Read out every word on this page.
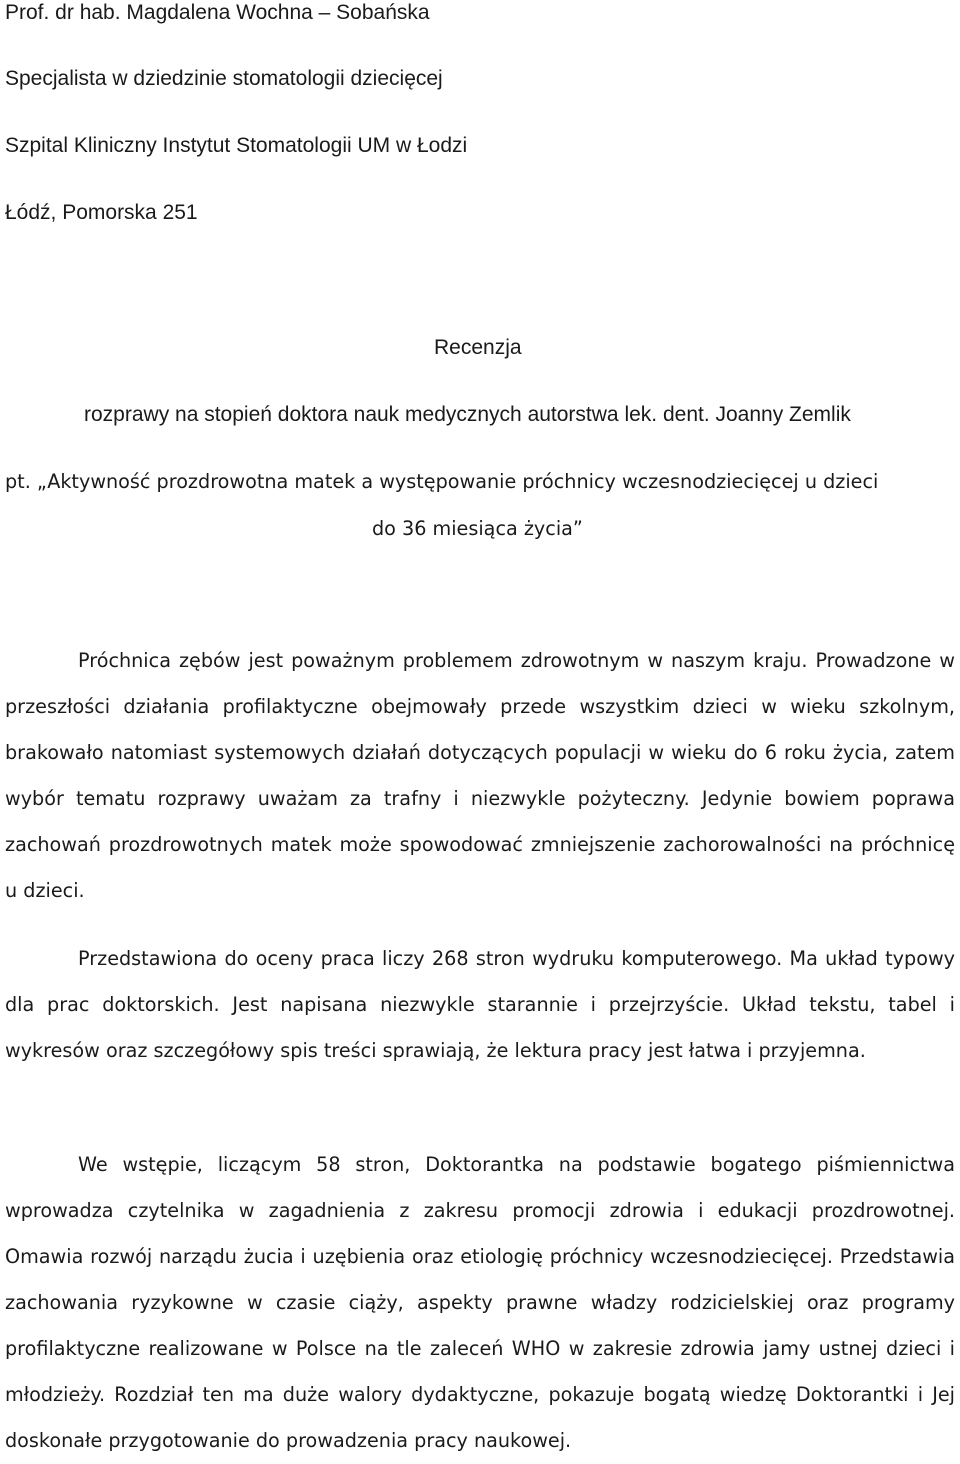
Prof. dr hab. Magdalena Wochna – Sobańska
Specjalista w dziedzinie stomatologii dziecięcej
Szpital Kliniczny Instytut Stomatologii UM w Łodzi
Łódź, Pomorska 251
Recenzja
rozprawy na stopień doktora nauk medycznych autorstwa lek. dent. Joanny Zemlik
pt. „Aktywność prozdrowotna matek a występowanie próchnicy wczesnodziecięcej u dzieci
do 36 miesiąca życia”

Próchnica zębów jest poważnym problemem zdrowotnym w naszym kraju. Prowadzone w przeszłości działania profilaktyczne obejmowały przede wszystkim dzieci w wieku szkolnym, brakowało natomiast systemowych działań dotyczących populacji w wieku do 6 roku życia, zatem wybór tematu rozprawy uważam za trafny i niezwykle pożyteczny. Jedynie bowiem poprawa zachowań prozdrowotnych matek może spowodować zmniejszenie zachorowalności na próchnicę u dzieci.

Przedstawiona do oceny praca liczy 268 stron wydruku komputerowego. Ma układ typowy dla prac doktorskich. Jest napisana niezwykle starannie i przejrzyście. Układ tekstu, tabel i wykresów oraz szczegółowy spis treści sprawiają, że lektura pracy jest łatwa i przyjemna.

We wstępie, liczącym 58 stron, Doktorantka na podstawie bogatego piśmiennictwa wprowadza czytelnika w zagadnienia z zakresu promocji zdrowia i edukacji prozdrowotnej. Omawia rozwój narządu żucia i uzębienia oraz etiologię próchnicy wczesnodziecięcej. Przedstawia zachowania ryzykowne w czasie ciąży, aspekty prawne władzy rodzicielskiej oraz programy profilaktyczne realizowane w Polsce na tle zaleceń WHO w zakresie zdrowia jamy ustnej dzieci i młodzieży. Rozdział ten ma duże walory dydaktyczne, pokazuje bogatą wiedzę Doktorantki i Jej doskonałe przygotowanie do prowadzenia pracy naukowej.
